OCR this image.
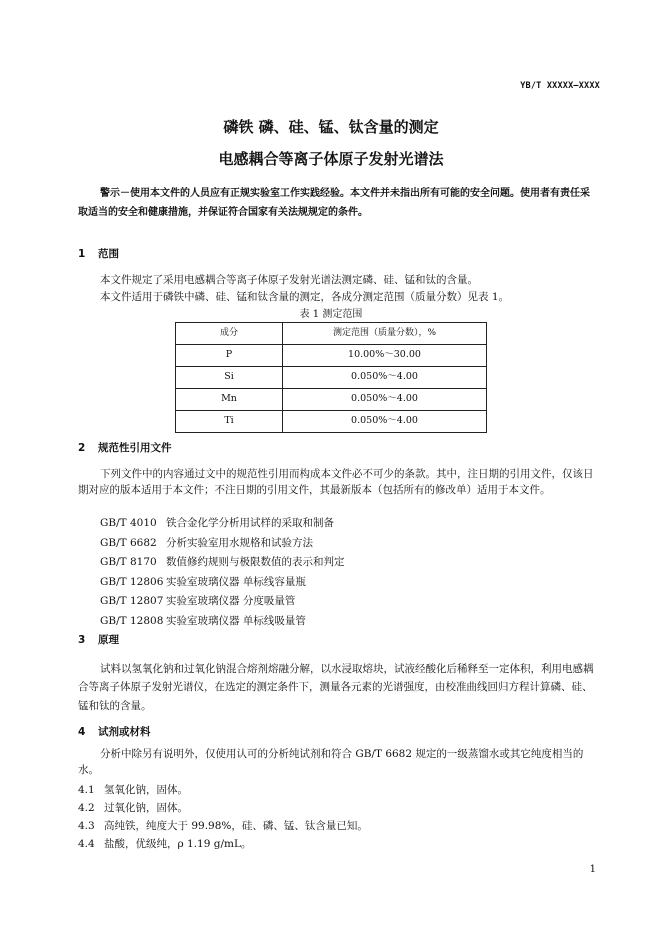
YB/T XXXXX—XXXX
磷铁 磷、硅、锰、钛含量的测定
电感耦合等离子体原子发射光谱法
警示－使用本文件的人员应有正规实验室工作实践经验。本文件并未指出所有可能的安全问题。使用者有责任采取适当的安全和健康措施，并保证符合国家有关法规规定的条件。
1 范围
本文件规定了采用电感耦合等离子体原子发射光谱法测定磷、硅、锰和钛的含量。
本文件适用于磷铁中磷、硅、锰和钛含量的测定，各成分测定范围（质量分数）见表 1。
表 1 测定范围
成分	测定范围（质量分数），%
P	10.00%～30.00
Si	0.050%～4.00
Mn	0.050%～4.00
Ti	0.050%～4.00
2 规范性引用文件
下列文件中的内容通过文中的规范性引用而构成本文件必不可少的条款。其中，注日期的引用文件，仅该日期对应的版本适用于本文件；不注日期的引用文件，其最新版本（包括所有的修改单）适用于本文件。
GB/T 4010 铁合金化学分析用试样的采取和制备
GB/T 6682 分析实验室用水规格和试验方法
GB/T 8170 数值修约规则与极限数值的表示和判定
GB/T 12806 实验室玻璃仪器 单标线容量瓶
GB/T 12807 实验室玻璃仪器 分度吸量管
GB/T 12808 实验室玻璃仪器 单标线吸量管
3 原理
试料以氢氧化钠和过氧化钠混合熔剂熔融分解，以水浸取熔块，试液经酸化后稀释至一定体积，利用电感耦合等离子体原子发射光谱仪，在选定的测定条件下，测量各元素的光谱强度，由校准曲线回归方程计算磷、硅、锰和钛的含量。
4 试剂或材料
分析中除另有说明外，仅使用认可的分析纯试剂和符合 GB/T 6682 规定的一级蒸馏水或其它纯度相当的水。
4.1 氢氧化钠，固体。
4.2 过氧化钠，固体。
4.3 高纯铁，纯度大于 99.98%，硅、磷、锰、钛含量已知。
4.4 盐酸，优级纯，ρ 1.19 g/mL。
1
